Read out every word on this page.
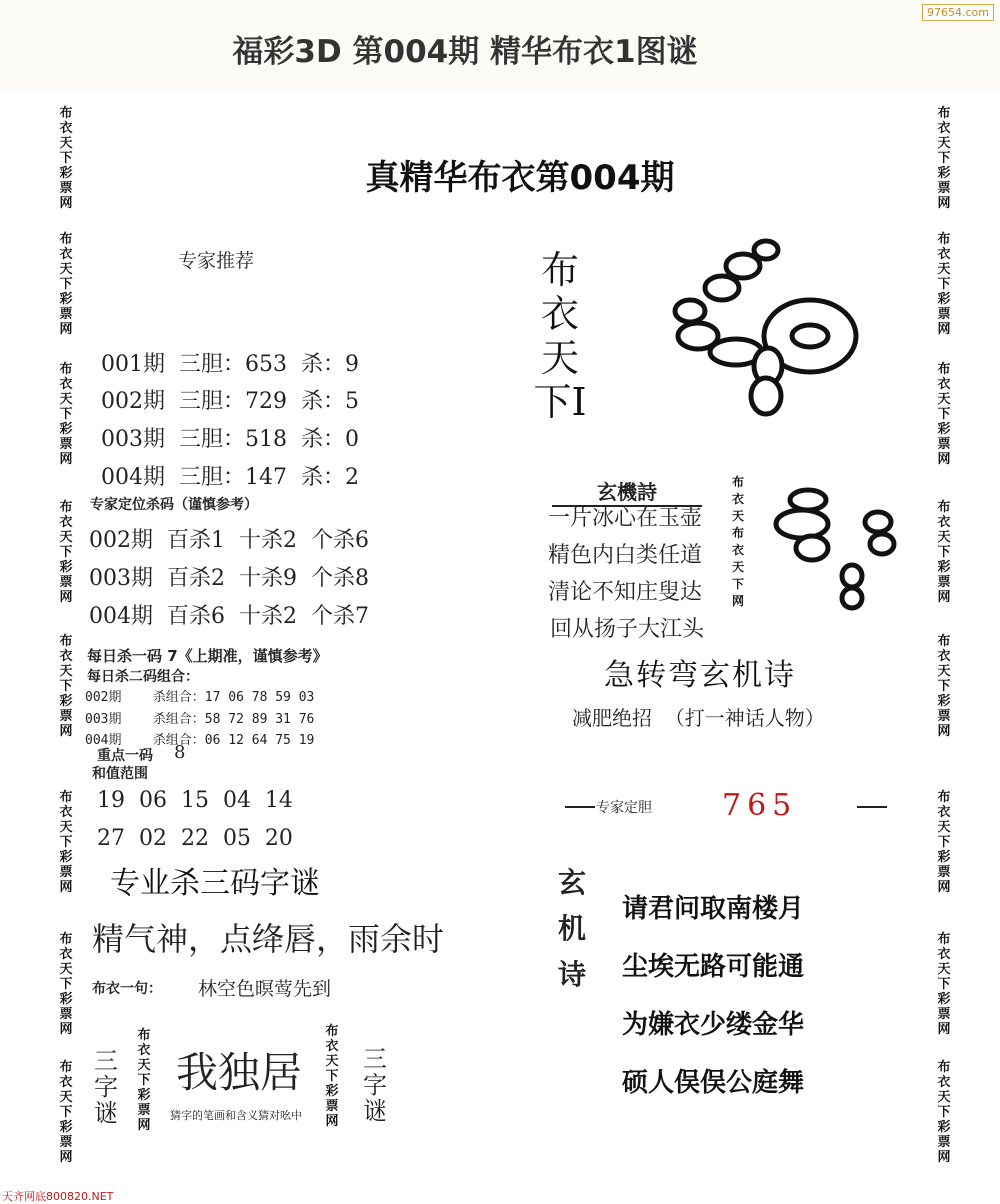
福彩3D 第004期 精华布衣1图谜
97654.com
布衣天下彩票网
布衣天下彩票网
布衣天下彩票网
布衣天下彩票网
布衣天下彩票网
布衣天下彩票网
布衣天下彩票网
布衣天下彩票网
布衣天下彩票网
布衣天下彩票网
布衣天下彩票网
布衣天下彩票网
布衣天下彩票网
布衣天下彩票网
布衣天下彩票网
布衣天下彩票网
真精华布衣第004期
专家推荐
001期  三胆：653  杀：9
002期  三胆：729  杀：5
003期  三胆：518  杀：0
004期  三胆：147  杀：2
专家定位杀码（谨慎参考）
002期  百杀1  十杀2  个杀6
003期  百杀2  十杀9  个杀8
004期  百杀6  十杀2  个杀7
每日杀一码 7《上期准，谨慎参考》
每日杀二码组合：
002期    杀组合：17 06 78 59 03
003期    杀组合：58 72 89 31 76
004期    杀组合：06 12 64 75 19
重点一码 8
和值范围
19  06  15  04  14
27  02  22  05  20
专业杀三码字谜
精气神，点绛唇，雨余时
布衣一句： 林空色暝莺先到
三字谜
布衣天下彩票网
我独居
猜字的笔画和含义猜对吆中
布衣天下彩票网
三字谜
布衣天下I
玄機詩
一片冰心在玉壶
精色内白类任道
清论不知庄叟达
回从扬子大江头
布衣天布衣天下网
急转弯玄机诗
减肥绝招  （打一神话人物）
专家定胆 765
玄机诗
请君问取南楼月
尘埃无路可能通
为嫌衣少缕金华
硕人俣俣公庭舞
天齐网底800820.NET
